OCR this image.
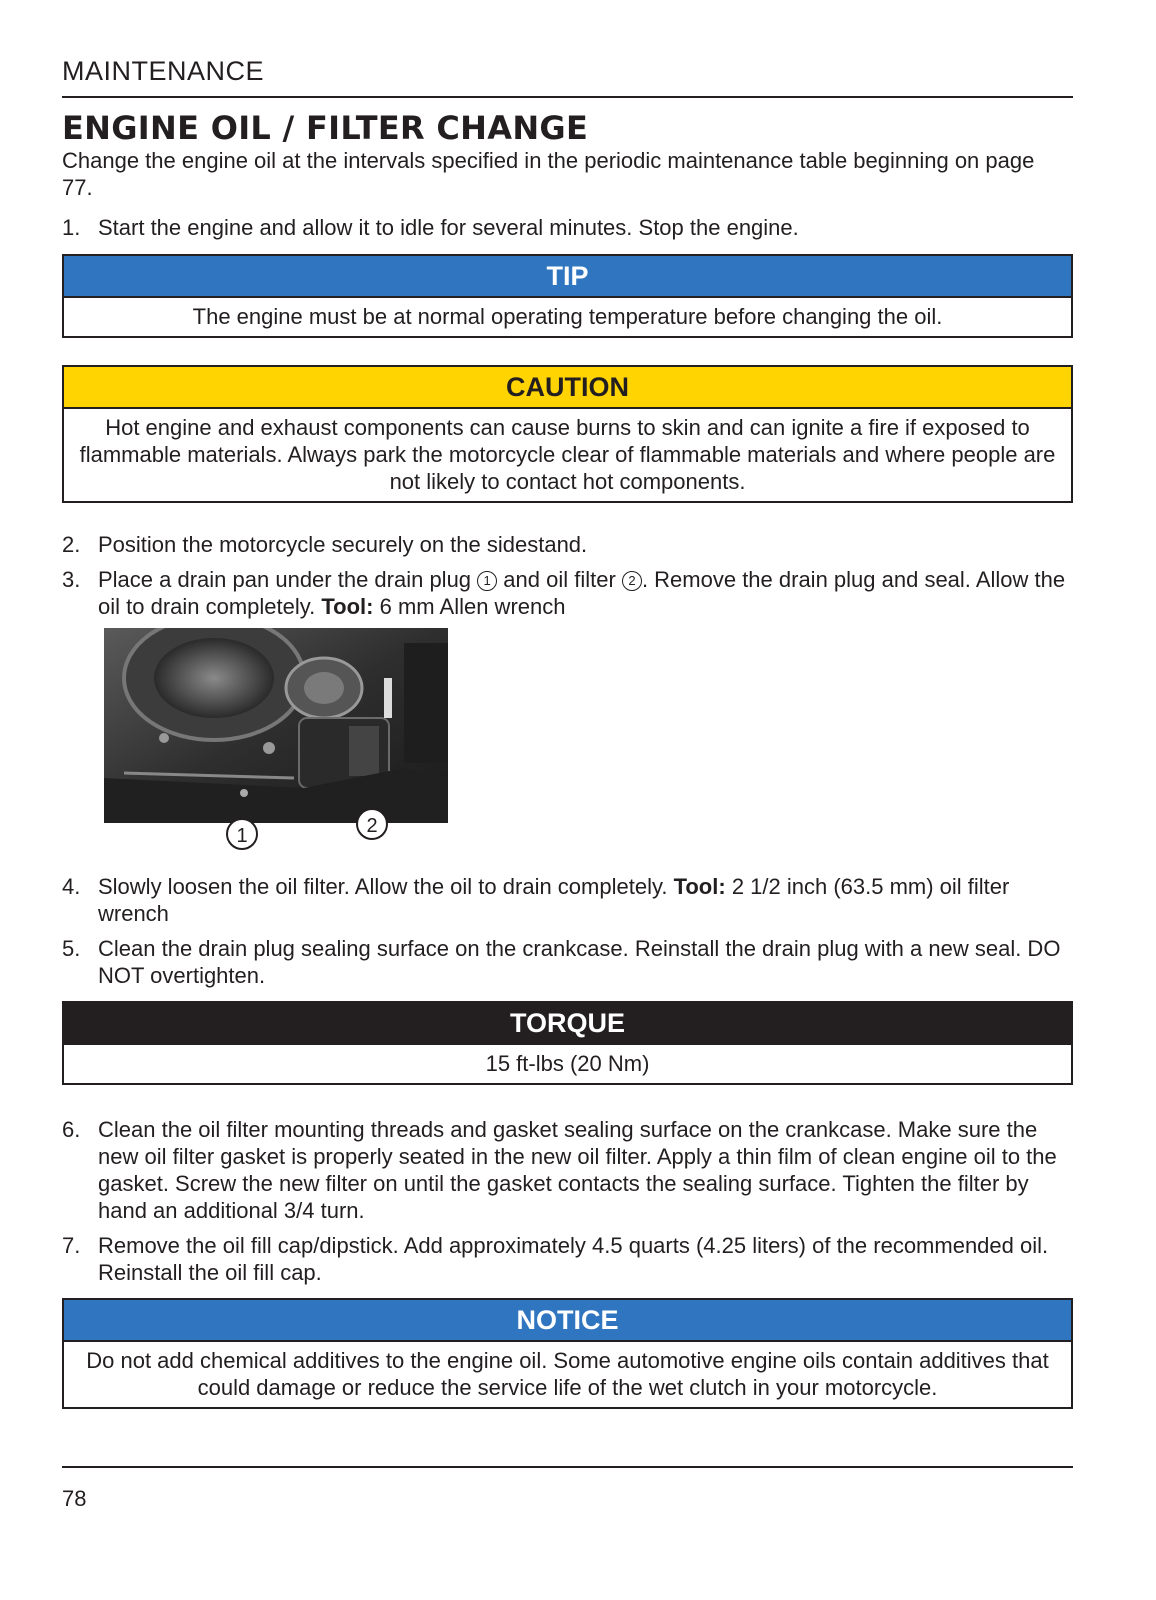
MAINTENANCE
ENGINE OIL / FILTER CHANGE
Change the engine oil at the intervals specified in the periodic maintenance table beginning on page 77.
1. Start the engine and allow it to idle for several minutes. Stop the engine.
TIP
The engine must be at normal operating temperature before changing the oil.
CAUTION
Hot engine and exhaust components can cause burns to skin and can ignite a fire if exposed to flammable materials. Always park the motorcycle clear of flammable materials and where people are not likely to contact hot components.
2. Position the motorcycle securely on the sidestand.
3. Place a drain pan under the drain plug 1 and oil filter 2 . Remove the drain plug and seal. Allow the oil to drain completely. Tool: 6 mm Allen wrench
1	2
4. Slowly loosen the oil filter. Allow the oil to drain completely. Tool: 2 1/2 inch (63.5 mm) oil filter wrench
5. Clean the drain plug sealing surface on the crankcase. Reinstall the drain plug with a new seal. DO NOT overtighten.
TORQUE
15 ft-lbs (20 Nm)
6. Clean the oil filter mounting threads and gasket sealing surface on the crankcase. Make sure the new oil filter gasket is properly seated in the new oil filter. Apply a thin film of clean engine oil to the gasket. Screw the new filter on until the gasket contacts the sealing surface. Tighten the filter by hand an additional 3/4 turn.
7. Remove the oil fill cap/dipstick. Add approximately 4.5 quarts (4.25 liters) of the recommended oil. Reinstall the oil fill cap.
NOTICE
Do not add chemical additives to the engine oil. Some automotive engine oils contain additives that could damage or reduce the service life of the wet clutch in your motorcycle.
78
